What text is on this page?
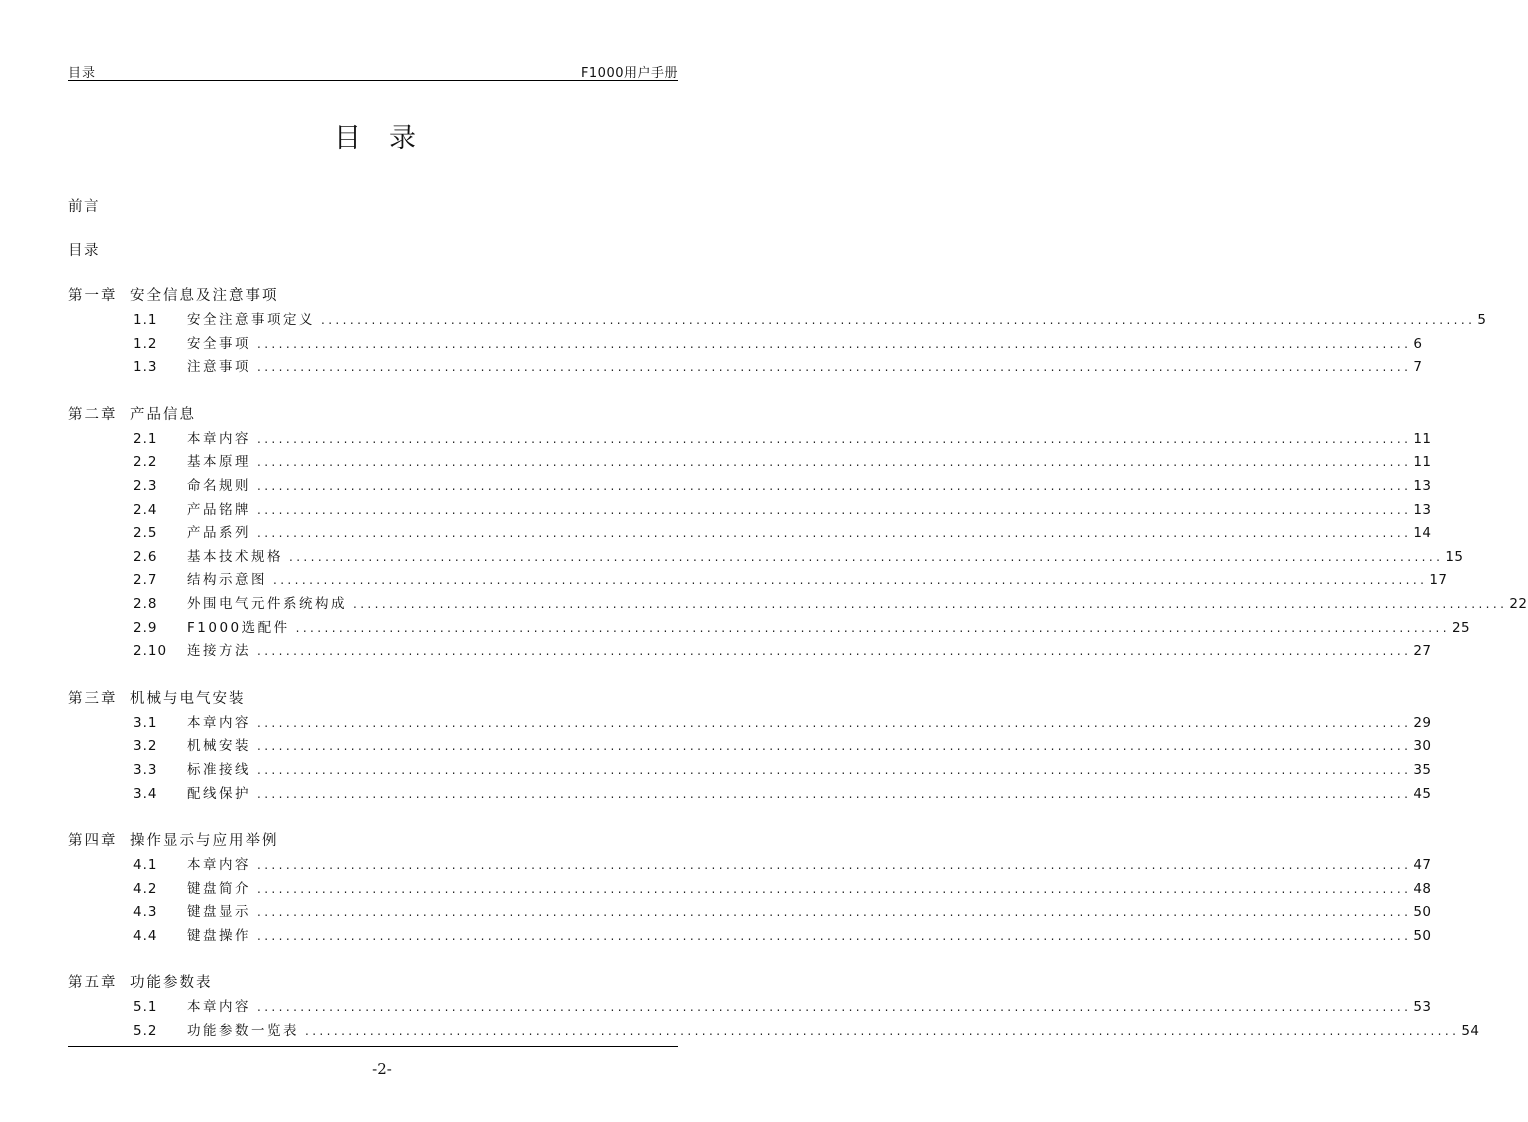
目录	F1000用户手册
目录
前言
目录
第一章 安全信息及注意事项
1.1	安全注意事项定义 ................................................................................................................................................................ 5
1.2	安全事项 ................................................................................................................................................................ 6
1.3	注意事项 ................................................................................................................................................................ 7
第二章 产品信息
2.1	本章内容 ................................................................................................................................................................ 11
2.2	基本原理 ................................................................................................................................................................ 11
2.3	命名规则 ................................................................................................................................................................ 13
2.4	产品铭牌 ................................................................................................................................................................ 13
2.5	产品系列 ................................................................................................................................................................ 14
2.6	基本技术规格 ................................................................................................................................................................ 15
2.7	结构示意图 ................................................................................................................................................................ 17
2.8	外围电气元件系统构成 ................................................................................................................................................................ 22
2.9	F1000选配件 ................................................................................................................................................................ 25
2.10	连接方法 ................................................................................................................................................................ 27
第三章 机械与电气安装
3.1	本章内容 ................................................................................................................................................................ 29
3.2	机械安装 ................................................................................................................................................................ 30
3.3	标准接线 ................................................................................................................................................................ 35
3.4	配线保护 ................................................................................................................................................................ 45
第四章 操作显示与应用举例
4.1	本章内容 ................................................................................................................................................................ 47
4.2	键盘简介 ................................................................................................................................................................ 48
4.3	键盘显示 ................................................................................................................................................................ 50
4.4	键盘操作 ................................................................................................................................................................ 50
第五章 功能参数表
5.1	本章内容 ................................................................................................................................................................ 53
5.2	功能参数一览表 ................................................................................................................................................................ 54
-2-
